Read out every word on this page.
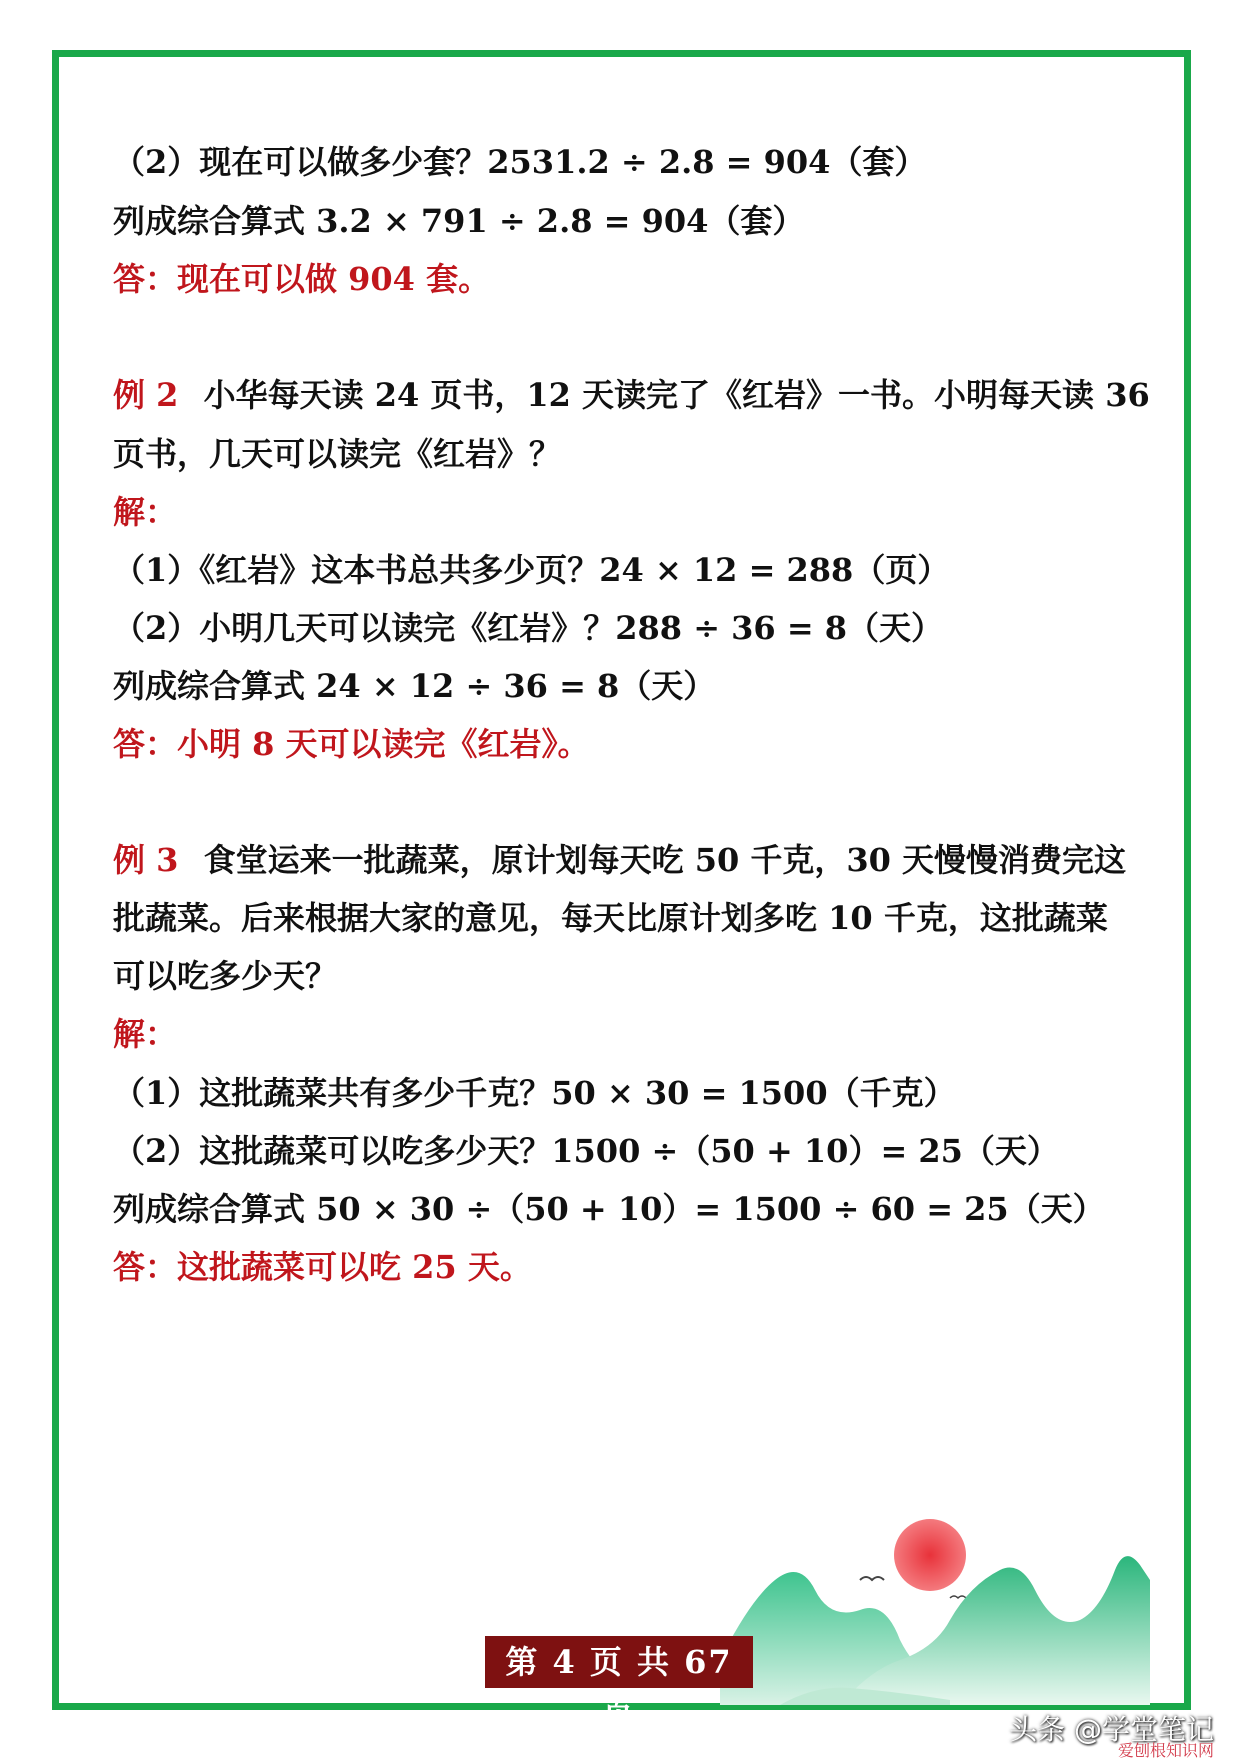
（2）现在可以做多少套？2531.2 ÷ 2.8 = 904（套）
列成综合算式 3.2 × 791 ÷ 2.8 = 904（套）
答：现在可以做 904 套。
例 2 小华每天读 24 页书，12 天读完了《红岩》一书。小明每天读 36
页书，几天可以读完《红岩》？
解：
（1）《红岩》这本书总共多少页？24 × 12 = 288（页）
（2）小明几天可以读完《红岩》？288 ÷ 36 = 8（天）
列成综合算式 24 × 12 ÷ 36 = 8（天）
答：小明 8 天可以读完《红岩》。
例 3 食堂运来一批蔬菜，原计划每天吃 50 千克，30 天慢慢消费完这
批蔬菜。后来根据大家的意见，每天比原计划多吃 10 千克，这批蔬菜
可以吃多少天？
解：
（1）这批蔬菜共有多少千克？50 × 30 = 1500（千克）
（2）这批蔬菜可以吃多少天？1500 ÷（50 + 10）= 25（天）
列成综合算式 50 × 30 ÷（50 + 10）= 1500 ÷ 60 = 25（天）
答：这批蔬菜可以吃 25 天。
第 4 页 共 67 页	头条 @学堂笔记
爱刨根知识网
